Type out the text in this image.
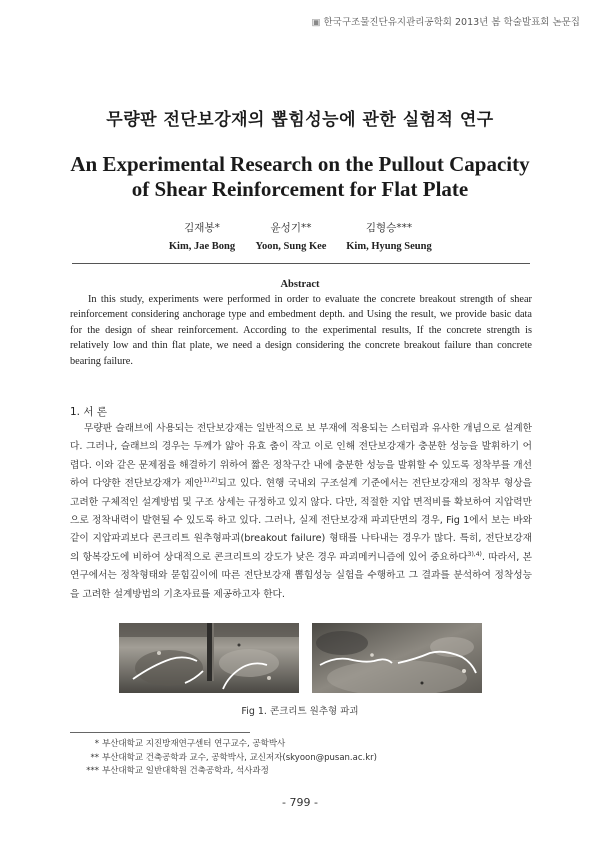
▣ 한국구조물진단유지관리공학회 2013년 봄 학술발표회 논문집
무량판 전단보강재의 뽑힘성능에 관한 실험적 연구
An Experimental Research on the Pullout Capacity
of Shear Reinforcement for Flat Plate
김재봉*
Kim, Jae Bong
윤성기**
Yoon, Sung Kee
김형승***
Kim, Hyung Seung
Abstract
In this study, experiments were performed in order to evaluate the concrete breakout strength of shear reinforcement considering anchorage type and embedment depth. and Using the result, we provide basic data for the design of shear reinforcement. According to the experimental results, If the concrete strength is relatively low and thin flat plate, we need a design considering the concrete breakout failure than concrete bearing failure.
1. 서 론
무량판 슬래브에 사용되는 전단보강재는 일반적으로 보 부재에 적용되는 스터럽과 유사한 개념으로 설계한다. 그러나, 슬래브의 경우는 두께가 얇아 유효 춤이 작고 이로 인해 전단보강재가 충분한 성능을 발휘하기 어렵다. 이와 같은 문제점을 해결하기 위하여 짧은 정착구간 내에 충분한 성능을 발휘할 수 있도록 정착부를 개선하여 다양한 전단보강재가 제안$^{1),2)}$되고 있다. 현행 국내외 구조설계 기준에서는 전단보강재의 정착부 형상을 고려한 구체적인 설계방법 및 구조 상세는 규정하고 있지 않다. 다만, 적절한 지압 면적비를 확보하여 지압력만으로 정착내력이 발현될 수 있도록 하고 있다. 그러나, 실제 전단보강재 파괴단면의 경우, Fig 1에서 보는 바와 같이 지압파괴보다 콘크리트 원추형파괴(breakout failure) 형태를 나타내는 경우가 많다. 특히, 전단보강재의 항복강도에 비하여 상대적으로 콘크리트의 강도가 낮은 경우 파괴메커니즘에 있어 중요하다$^{3),4)}$. 따라서, 본 연구에서는 정착형태와 묻힘깊이에 따른 전단보강재 뽑힘성능 실험을 수행하고 그 결과를 분석하여 정착성능을 고려한 설계방법의 기초자료를 제공하고자 한다.
Fig 1. 콘크리트 원추형 파괴
* 부산대학교 지진방재연구센터 연구교수, 공학박사
** 부산대학교 건축공학과 교수, 공학박사, 교신저자(skyoon@pusan.ac.kr)
*** 부산대학교 일반대학원 건축공학과, 석사과정
- 799 -
